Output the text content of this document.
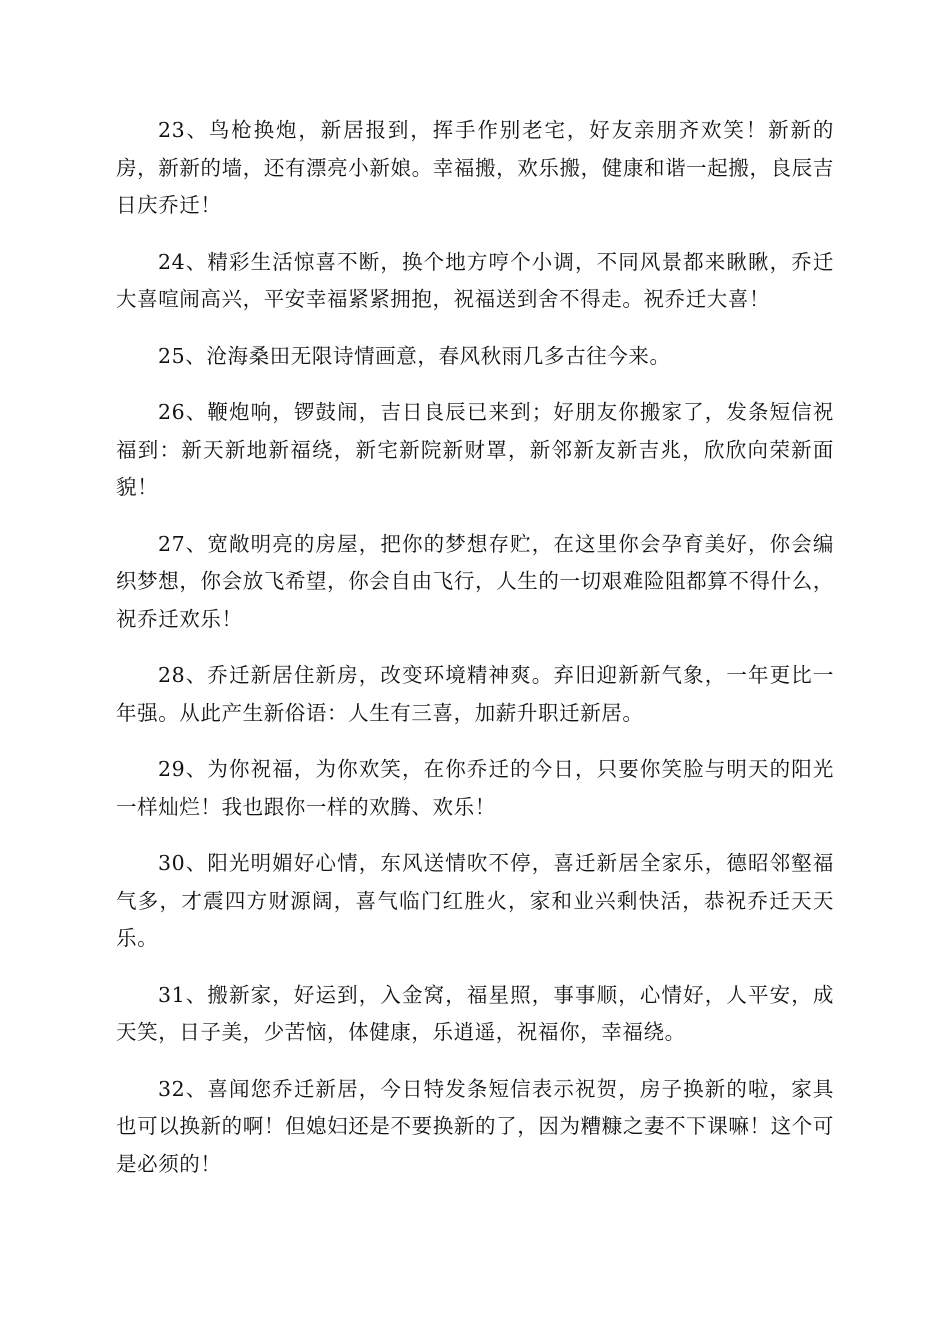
23、鸟枪换炮，新居报到，挥手作别老宅，好友亲朋齐欢笑！新新的房，新新的墙，还有漂亮小新娘。幸福搬，欢乐搬，健康和谐一起搬，良辰吉日庆乔迁！

24、精彩生活惊喜不断，换个地方哼个小调，不同风景都来瞅瞅，乔迁大喜喧闹高兴，平安幸福紧紧拥抱，祝福送到舍不得走。祝乔迁大喜！

25、沧海桑田无限诗情画意，春风秋雨几多古往今来。

26、鞭炮响，锣鼓闹，吉日良辰已来到；好朋友你搬家了，发条短信祝福到：新天新地新福绕，新宅新院新财罩，新邻新友新吉兆，欣欣向荣新面貌！

27、宽敞明亮的房屋，把你的梦想存贮，在这里你会孕育美好，你会编织梦想，你会放飞希望，你会自由飞行，人生的一切艰难险阻都算不得什么，祝乔迁欢乐！

28、乔迁新居住新房，改变环境精神爽。弃旧迎新新气象，一年更比一年强。从此产生新俗语：人生有三喜，加薪升职迁新居。

29、为你祝福，为你欢笑，在你乔迁的今日，只要你笑脸与明天的阳光一样灿烂！我也跟你一样的欢腾、欢乐！

30、阳光明媚好心情，东风送情吹不停，喜迁新居全家乐，德昭邻壑福气多，才震四方财源阔，喜气临门红胜火，家和业兴剩快活，恭祝乔迁天天乐。

31、搬新家，好运到，入金窝，福星照，事事顺，心情好，人平安，成天笑，日子美，少苦恼，体健康，乐逍遥，祝福你，幸福绕。

32、喜闻您乔迁新居，今日特发条短信表示祝贺，房子换新的啦，家具也可以换新的啊！但媳妇还是不要换新的了，因为糟糠之妻不下课嘛！这个可是必须的！
